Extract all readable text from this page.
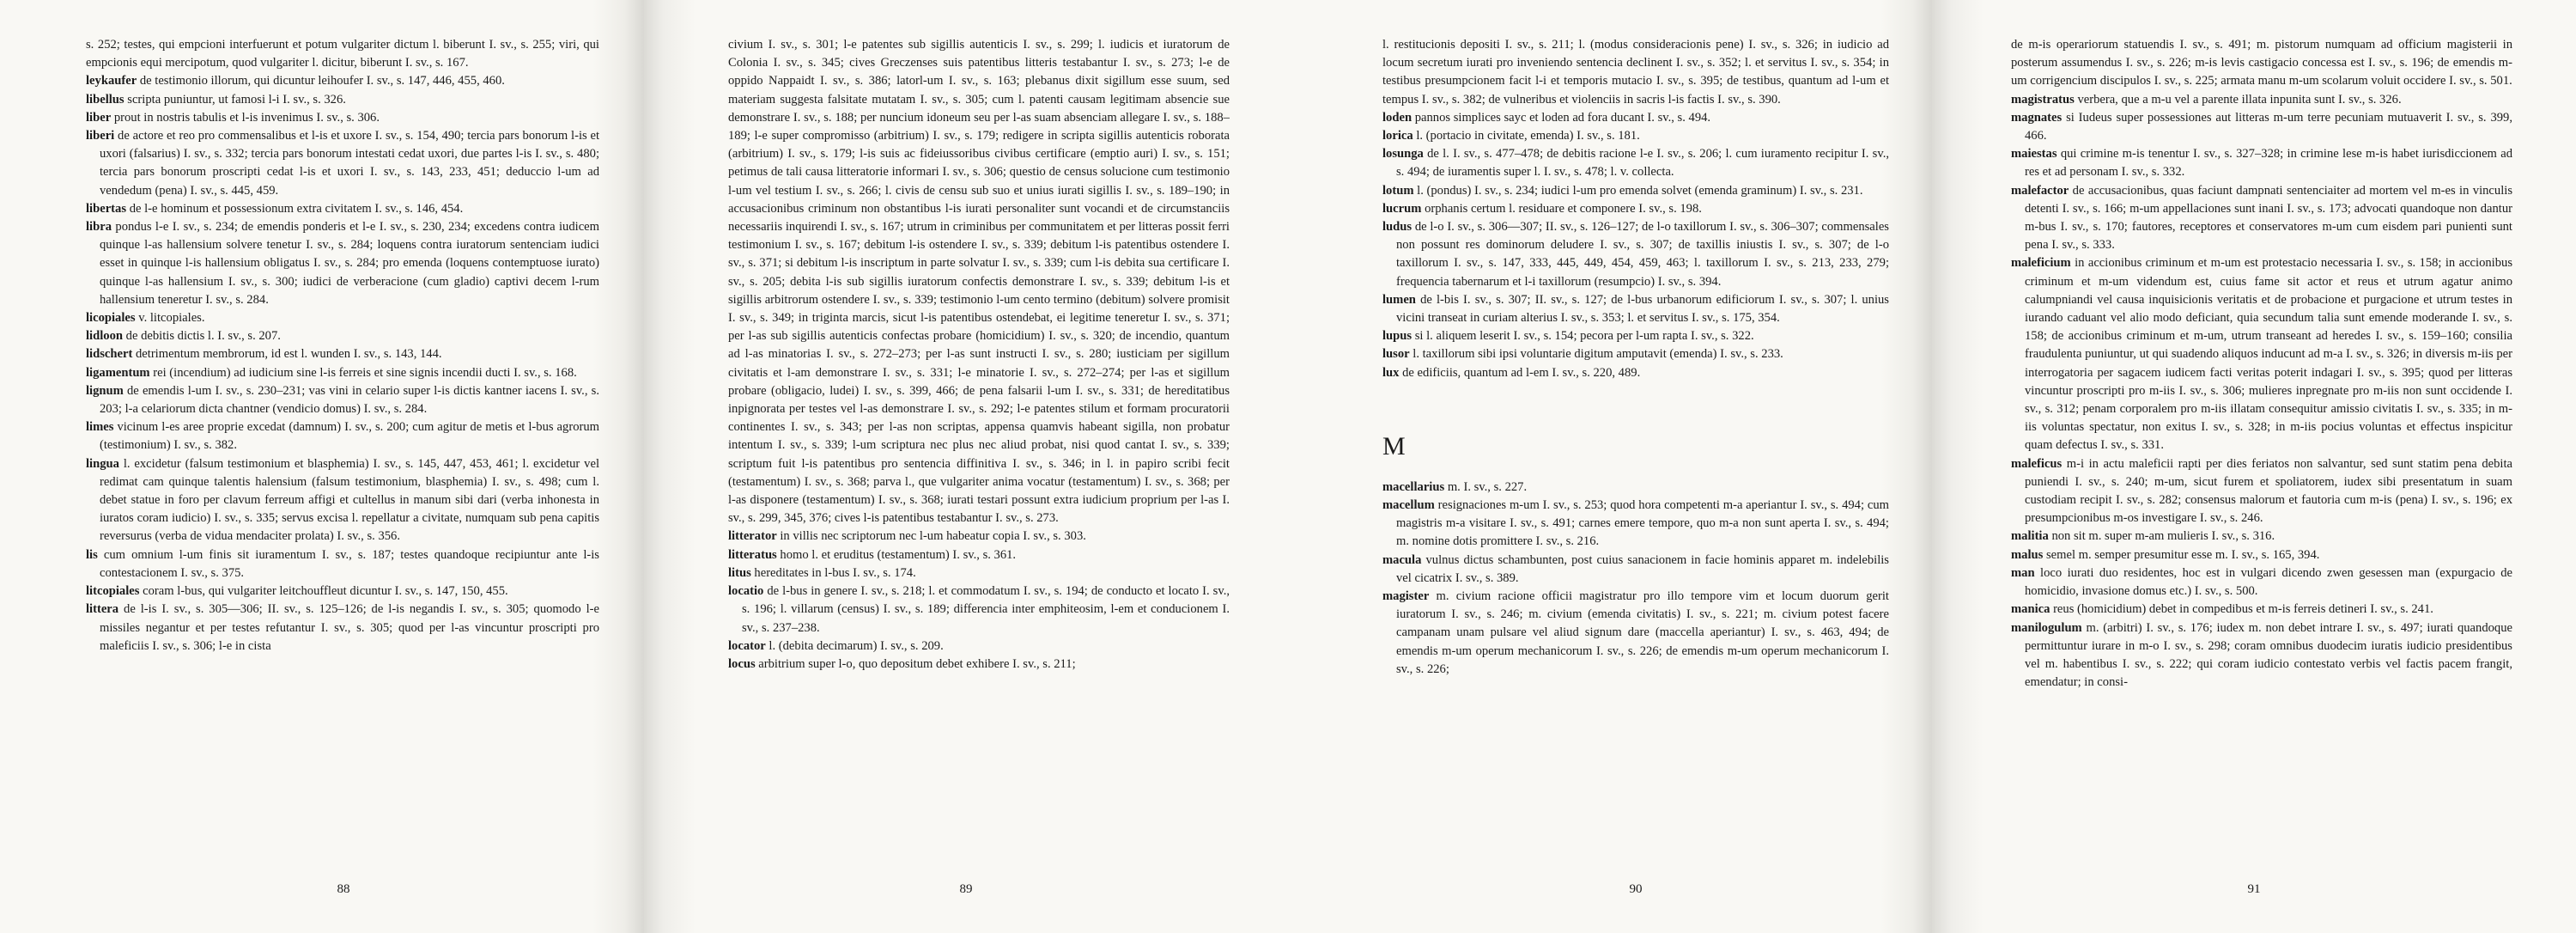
s. 252; testes, qui empcioni interfuerunt et potum vulgariter dictum l. biberunt I. sv., s. 255; viri, qui empcionis equi mercipotum, quod vulgariter l. dicitur, biberunt I. sv., s. 167.

leykaufer de testimonio illorum, qui dicuntur leihoufer I. sv., s. 147, 446, 455, 460.

libellus scripta puniuntur, ut famosi l-i I. sv., s. 326.

liber prout in nostris tabulis et l-is invenimus I. sv., s. 306.

liberi de actore et reo pro commensalibus et l-is et uxore I. sv., s. 154, 490; tercia pars bonorum l-is et uxori (falsarius) I. sv., s. 332; tercia pars bonorum intestati cedat uxori, due partes l-is I. sv., s. 480; tercia pars bonorum proscripti cedat l-is et uxori I. sv., s. 143, 233, 451; deduccio l-um ad vendedum (pena) I. sv., s. 445, 459.

libertas de l-e hominum et possessionum extra civitatem I. sv., s. 146, 454.

libra pondus l-e I. sv., s. 234; de emendis ponderis et l-e I. sv., s. 230, 234; excedens contra iudicem quinque l-as hallensium solvere tenetur I. sv., s. 284; loquens contra iuratorum sentenciam iudici esset in quinque l-is hallensium obligatus I. sv., s. 284; pro emenda (loquens contemptuose iurato) quinque l-as hallensium I. sv., s. 300; iudici de verberacione (cum gladio) captivi decem l-rum hallensium teneretur I. sv., s. 284.

licopiales v. litcopiales.

lidloon de debitis dictis l. I. sv., s. 207.

lidschert detrimentum membrorum, id est l. wunden I. sv., s. 143, 144.

ligamentum rei (incendium) ad iudicium sine l-is ferreis et sine signis incendii ducti I. sv., s. 168.

lignum de emendis l-um I. sv., s. 230–231; vas vini in celario super l-is dictis kantner iacens I. sv., s. 203; l-a celariorum dicta chantner (vendicio domus) I. sv., s. 284.

limes vicinum l-es aree proprie excedat (damnum) I. sv., s. 200; cum agitur de metis et l-bus agrorum (testimonium) I. sv., s. 382.

lingua l. excidetur (falsum testimonium et blasphemia) I. sv., s. 145, 447, 453, 461; l. excidetur vel redimat cam quinque talentis halensium (falsum testimonium, blasphemia) I. sv., s. 498; cum l. debet statue in foro per clavum ferreum affigi et cultellus in manum sibi dari (verba inhonesta in iuratos coram iudicio) I. sv., s. 335; servus excisa l. repellatur a civitate, numquam sub pena capitis reversurus (verba de vidua mendaciter prolata) I. sv., s. 356.

lis cum omnium l-um finis sit iuramentum I. sv., s. 187; testes quandoque recipiuntur ante l-is contestacionem I. sv., s. 375.

litcopiales coram l-bus, qui vulgariter leitchouffleut dicuntur I. sv., s. 147, 150, 455.

littera de l-is I. sv., s. 305—306; II. sv., s. 125–126; de l-is negandis I. sv., s. 305; quomodo l-e missiles negantur et per testes refutantur I. sv., s. 305; quod per l-as vincuntur proscripti pro maleficiis I. sv., s. 306; l-e in cista

88

civium I. sv., s. 301; l-e patentes sub sigillis autenticis I. sv., s. 299; l. iudicis et iuratorum de Colonia I. sv., s. 345; cives Greczenses suis patentibus litteris testabantur I. sv., s. 273; l-e de oppido Nappaidt I. sv., s. 386; latorl-um I. sv., s. 163; plebanus dixit sigillum esse suum, sed materiam suggesta falsitate mutatam I. sv., s. 305; cum l. patenti causam legitimam absencie sue demonstrare I. sv., s. 188; per nuncium idoneum seu per l-as suam absenciam allegare I. sv., s. 188–189; l-e super compromisso (arbitrium) I. sv., s. 179; redigere in scripta sigillis autenticis roborata (arbitrium) I. sv., s. 179; l-is suis ac fideiussoribus civibus certificare (emptio auri) I. sv., s. 151; petimus de tali causa litteratorie informari I. sv., s. 306; questio de census solucione cum testimonio l-um vel testium I. sv., s. 266; l. civis de censu sub suo et unius iurati sigillis I. sv., s. 189–190; in accusacionibus criminum non obstantibus l-is iurati personaliter sunt vocandi et de circumstanciis necessariis inquirendi I. sv., s. 167; utrum in criminibus per communitatem et per litteras possit ferri testimonium I. sv., s. 167; debitum l-is ostendere I. sv., s. 339; debitum l-is patentibus ostendere I. sv., s. 371; si debitum l-is inscriptum in parte solvatur I. sv., s. 339; cum l-is debita sua certificare I. sv., s. 205; debita l-is sub sigillis iuratorum confectis demonstrare I. sv., s. 339; debitum l-is et sigillis arbitrorum ostendere I. sv., s. 339; testimonio l-um cento termino (debitum) solvere promisit I. sv., s. 349; in triginta marcis, sicut l-is patentibus ostendebat, ei legitime teneretur I. sv., s. 371; per l-as sub sigillis autenticis confectas probare (homicidium) I. sv., s. 320; de incendio, quantum ad l-as minatorias I. sv., s. 272–273; per l-as sunt instructi I. sv., s. 280; iusticiam per sigillum civitatis et l-am demonstrare I. sv., s. 331; l-e minatorie I. sv., s. 272–274; per l-as et sigillum probare (obligacio, ludei) I. sv., s. 399, 466; de pena falsarii l-um I. sv., s. 331; de hereditatibus inpignorata per testes vel l-as demonstrare I. sv., s. 292; l-e patentes stilum et formam procuratorii continentes I. sv., s. 343; per l-as non scriptas, appensa quamvis habeant sigilla, non probatur intentum I. sv., s. 339; l-um scriptura nec plus nec aliud probat, nisi quod cantat I. sv., s. 339; scriptum fuit l-is patentibus pro sentencia diffinitiva I. sv., s. 346; in l. in papiro scribi fecit (testamentum) I. sv., s. 368; parva l., que vulgariter anima vocatur (testamentum) I. sv., s. 368; per l-as disponere (testamentum) I. sv., s. 368; iurati testari possunt extra iudicium proprium per l-as I. sv., s. 299, 345, 376; cives l-is patentibus testabantur I. sv., s. 273.

litterator in villis nec scriptorum nec l-um habeatur copia I. sv., s. 303.

litteratus homo l. et eruditus (testamentum) I. sv., s. 361.

litus hereditates in l-bus I. sv., s. 174.

locatio de l-bus in genere I. sv., s. 218; l. et commodatum I. sv., s. 194; de conducto et locato I. sv., s. 196; l. villarum (census) I. sv., s. 189; differencia inter emphiteosim, l-em et conducionem I. sv., s. 237–238.

locator l. (debita decimarum) I. sv., s. 209.

locus arbitrium super l-o, quo depositum debet exhibere I. sv., s. 211;

89

l. restitucionis depositi I. sv., s. 211; l. (modus consideracionis pene) I. sv., s. 326; in iudicio ad locum secretum iurati pro inveniendo sentencia declinent I. sv., s. 352; l. et servitus I. sv., s. 354; in testibus presumpcionem facit l-i et temporis mutacio I. sv., s. 395; de testibus, quantum ad l-um et tempus I. sv., s. 382; de vulneribus et violenciis in sacris l-is factis I. sv., s. 390.

loden pannos simplices sayc et loden ad fora ducant I. sv., s. 494.

lorica l. (portacio in civitate, emenda) I. sv., s. 181.

losunga de l. I. sv., s. 477–478; de debitis racione l-e I. sv., s. 206; l. cum iuramento recipitur I. sv., s. 494; de iuramentis super l. I. sv., s. 478; l. v. collecta.

lotum l. (pondus) I. sv., s. 234; iudici l-um pro emenda solvet (emenda graminum) I. sv., s. 231.

lucrum orphanis certum l. residuare et componere I. sv., s. 198.

ludus de l-o I. sv., s. 306—307; II. sv., s. 126–127; de l-o taxillorum I. sv., s. 306–307; commensales non possunt res dominorum deludere I. sv., s. 307; de taxillis iniustis I. sv., s. 307; de l-o taxillorum I. sv., s. 147, 333, 445, 449, 454, 459, 463; l. taxillorum I. sv., s. 213, 233, 279; frequencia tabernarum et l-i taxillorum (resumpcio) I. sv., s. 394.

lumen de l-bis I. sv., s. 307; II. sv., s. 127; de l-bus urbanorum edificiorum I. sv., s. 307; l. unius vicini transeat in curiam alterius I. sv., s. 353; l. et servitus I. sv., s. 175, 354.

lupus si l. aliquem leserit I. sv., s. 154; pecora per l-um rapta I. sv., s. 322.

lusor l. taxillorum sibi ipsi voluntarie digitum amputavit (emenda) I. sv., s. 233.

lux de edificiis, quantum ad l-em I. sv., s. 220, 489.

M

macellarius m. I. sv., s. 227.

macellum resignaciones m-um I. sv., s. 253; quod hora competenti m-a aperiantur I. sv., s. 494; cum magistris m-a visitare I. sv., s. 491; carnes emere tempore, quo m-a non sunt aperta I. sv., s. 494; m. nomine dotis promittere I. sv., s. 216.

macula vulnus dictus schambunten, post cuius sanacionem in facie hominis apparet m. indelebilis vel cicatrix I. sv., s. 389.

magister m. civium racione officii magistratur pro illo tempore vim et locum duorum gerit iuratorum I. sv., s. 246; m. civium (emenda civitatis) I. sv., s. 221; m. civium potest facere campanam unam pulsare vel aliud signum dare (maccella aperiantur) I. sv., s. 463, 494; de emendis m-um operum mechanicorum I. sv., s. 226; de emendis m-um operum mechanicorum I. sv., s. 226;

90

de m-is operariorum statuendis I. sv., s. 491; m. pistorum numquam ad officium magisterii in posterum assumendus I. sv., s. 226; m-is levis castigacio concessa est I. sv., s. 196; de emendis m-um corrigencium discipulos I. sv., s. 225; armata manu m-um scolarum voluit occidere I. sv., s. 501.

magistratus verbera, que a m-u vel a parente illata inpunita sunt I. sv., s. 326.

magnates si Iudeus super possessiones aut litteras m-um terre pecuniam mutuaverit I. sv., s. 399, 466.

maiestas qui crimine m-is tenentur I. sv., s. 327–328; in crimine lese m-is habet iurisdiccionem ad res et ad personam I. sv., s. 332.

malefactor de accusacionibus, quas faciunt dampnati sentenciaiter ad mortem vel m-es in vinculis detenti I. sv., s. 166; m-um appellaciones sunt inani I. sv., s. 173; advocati quandoque non dantur m-bus I. sv., s. 170; fautores, receptores et conservatores m-um cum eisdem pari punienti sunt pena I. sv., s. 333.

maleficium in accionibus criminum et m-um est protestacio necessaria I. sv., s. 158; in accionibus criminum et m-um videndum est, cuius fame sit actor et reus et utrum agatur animo calumpniandi vel causa inquisicionis veritatis et de probacione et purgacione et utrum testes in iurando caduant vel alio modo deficiant, quia secundum talia sunt emende moderande I. sv., s. 158; de accionibus criminum et m-um, utrum transeant ad heredes I. sv., s. 159–160; consilia fraudulenta puniuntur, ut qui suadendo aliquos inducunt ad m-a I. sv., s. 326; in diversis m-iis per interrogatoria per sagacem iudicem facti veritas poterit indagari I. sv., s. 395; quod per litteras vincuntur proscripti pro m-iis I. sv., s. 306; mulieres inpregnate pro m-iis non sunt occidende I. sv., s. 312; penam corporalem pro m-iis illatam consequitur amissio civitatis I. sv., s. 335; in m-iis voluntas spectatur, non exitus I. sv., s. 328; in m-iis pocius voluntas et effectus inspicitur quam defectus I. sv., s. 331.

maleficus m-i in actu maleficii rapti per dies feriatos non salvantur, sed sunt statim pena debita puniendi I. sv., s. 240; m-um, sicut furem et spoliatorem, iudex sibi presentatum in suam custodiam recipit I. sv., s. 282; consensus malorum et fautoria cum m-is (pena) I. sv., s. 196; ex presumpcionibus m-os investigare I. sv., s. 246.

malitia non sit m. super m-am mulieris I. sv., s. 316.

malus semel m. semper presumitur esse m. I. sv., s. 165, 394.

man loco iurati duo residentes, hoc est in vulgari dicendo zwen gesessen man (expurgacio de homicidio, invasione domus etc.) I. sv., s. 500.

manica reus (homicidium) debet in compedibus et m-is ferreis detineri I. sv., s. 241.

manilogulum m. (arbitri) I. sv., s. 176; iudex m. non debet intrare I. sv., s. 497; iurati quandoque permittuntur iurare in m-o I. sv., s. 298; coram omnibus duodecim iuratis iudicio presidentibus vel m. habentibus I. sv., s. 222; qui coram iudicio contestato verbis vel factis pacem frangit, emendatur; in consi-

91
